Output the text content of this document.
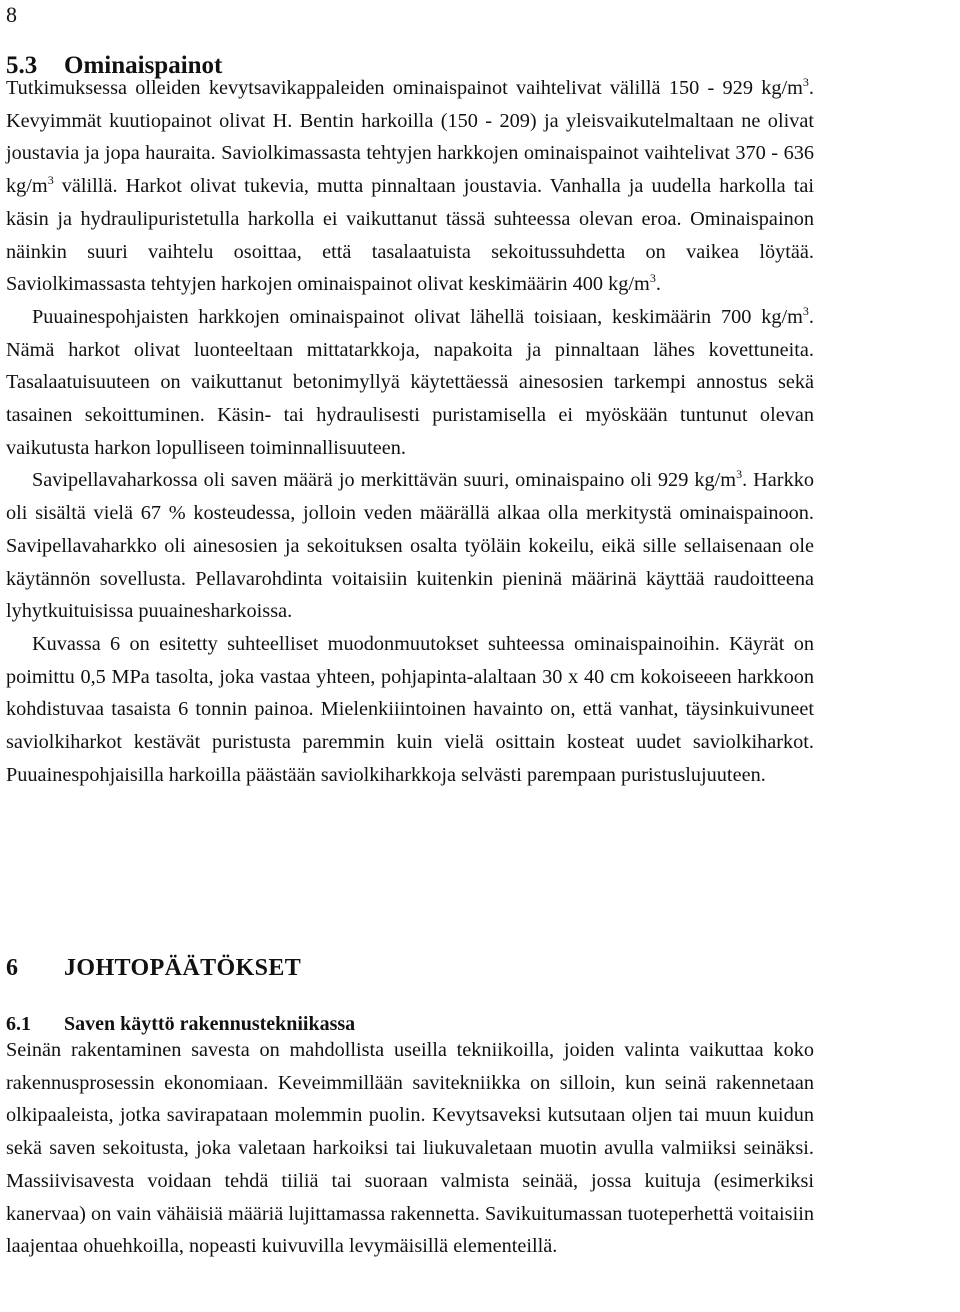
8
5.3 Ominaispainot

Tutkimuksessa olleiden kevytsavikappaleiden ominaispainot vaihtelivat välillä 150 - 929 $kg/m^3$. Kevyimmät kuutiopainot olivat H. Bentin harkoilla (150 - 209) ja yleisvaikutelmaltaan ne olivat joustavia ja jopa hauraita. Saviolkimassasta tehtyjen harkkojen ominaispainot vaihtelivat 370 - 636 $kg/m^3$ välillä. Harkot olivat tukevia, mutta pinnaltaan joustavia. Vanhalla ja uudella harkolla tai käsin ja hydraulipuristetulla harkolla ei vaikuttanut tässä suhteessa olevan eroa. Ominaispainon näinkin suuri vaihtelu osoittaa, että tasalaatuista sekoitussuhdetta on vaikea löytää. Saviolkimassasta tehtyjen harkojen ominaispainot olivat keskimäärin 400 $kg/m^3$.

Puuainespohjaisten harkkojen ominaispainot olivat lähellä toisiaan, keskimäärin 700 $kg/m^3$. Nämä harkot olivat luonteeltaan mittatarkkoja, napakoita ja pinnaltaan lähes kovettuneita. Tasalaatuisuuteen on vaikuttanut betonimyllyä käytettäessä ainesosien tarkempi annostus sekä tasainen sekoittuminen. Käsin- tai hydraulisesti puristamisella ei myöskään tuntunut olevan vaikutusta harkon lopulliseen toiminnallisuuteen.

Savipellavaharkossa oli saven määrä jo merkittävän suuri, ominaispaino oli 929 $kg/m^3$. Harkko oli sisältä vielä 67 % kosteudessa, jolloin veden määrällä alkaa olla merkitystä ominaispainoon. Savipellavaharkko oli ainesosien ja sekoituksen osalta työläin kokeilu, eikä sille sellaisenaan ole käytännön sovellusta. Pellavarohdinta voitaisiin kuitenkin pieninä määrinä käyttää raudoitteena lyhytkuituisissa puuainesharkoissa.

Kuvassa 6 on esitetty suhteelliset muodonmuutokset suhteessa ominaispainoihin. Käyrät on poimittu 0,5 MPa tasolta, joka vastaa yhteen, pohjapinta-alaltaan 30 x 40 cm kokoiseeen harkkoon kohdistuvaa tasaista 6 tonnin painoa. Mielenkiiintoinen havainto on, että vanhat, täysinkuivuneet saviolkiharkot kestävät puristusta paremmin kuin vielä osittain kosteat uudet saviolkiharkot. Puuainespohjaisilla harkoilla päästään saviolkiharkkoja selvästi parempaan puristuslujuuteen.

6 JOHTOPÄÄTÖKSET
6.1 Saven käyttö rakennustekniikassa

Seinän rakentaminen savesta on mahdollista useilla tekniikoilla, joiden valinta vaikuttaa koko rakennusprosessin ekonomiaan. Keveimmillään savitekniikka on silloin, kun seinä rakennetaan olkipaaleista, jotka savirapataan molemmin puolin. Kevytsaveksi kutsutaan oljen tai muun kuidun sekä saven sekoitusta, joka valetaan harkoiksi tai liukuvaletaan muotin avulla valmiiksi seinäksi. Massiivisavesta voidaan tehdä tiiliä tai suoraan valmista seinää, jossa kuituja (esimerkiksi kanervaa) on vain vähäisiä määriä lujittamassa rakennetta. Savikuitumassan tuoteperhettä voitaisiin laajentaa ohuehkoilla, nopeasti kuivuvilla levymäisillä elementeillä.
